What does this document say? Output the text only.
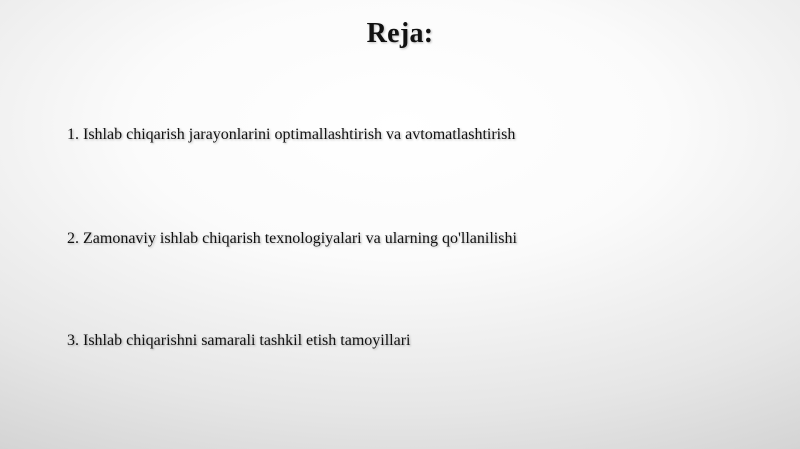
Reja:
1. Ishlab chiqarish jarayonlarini optimallashtirish va avtomatlashtirish
2. Zamonaviy ishlab chiqarish texnologiyalari va ularning qo'llanilishi
3. Ishlab chiqarishni samarali tashkil etish tamoyillari
